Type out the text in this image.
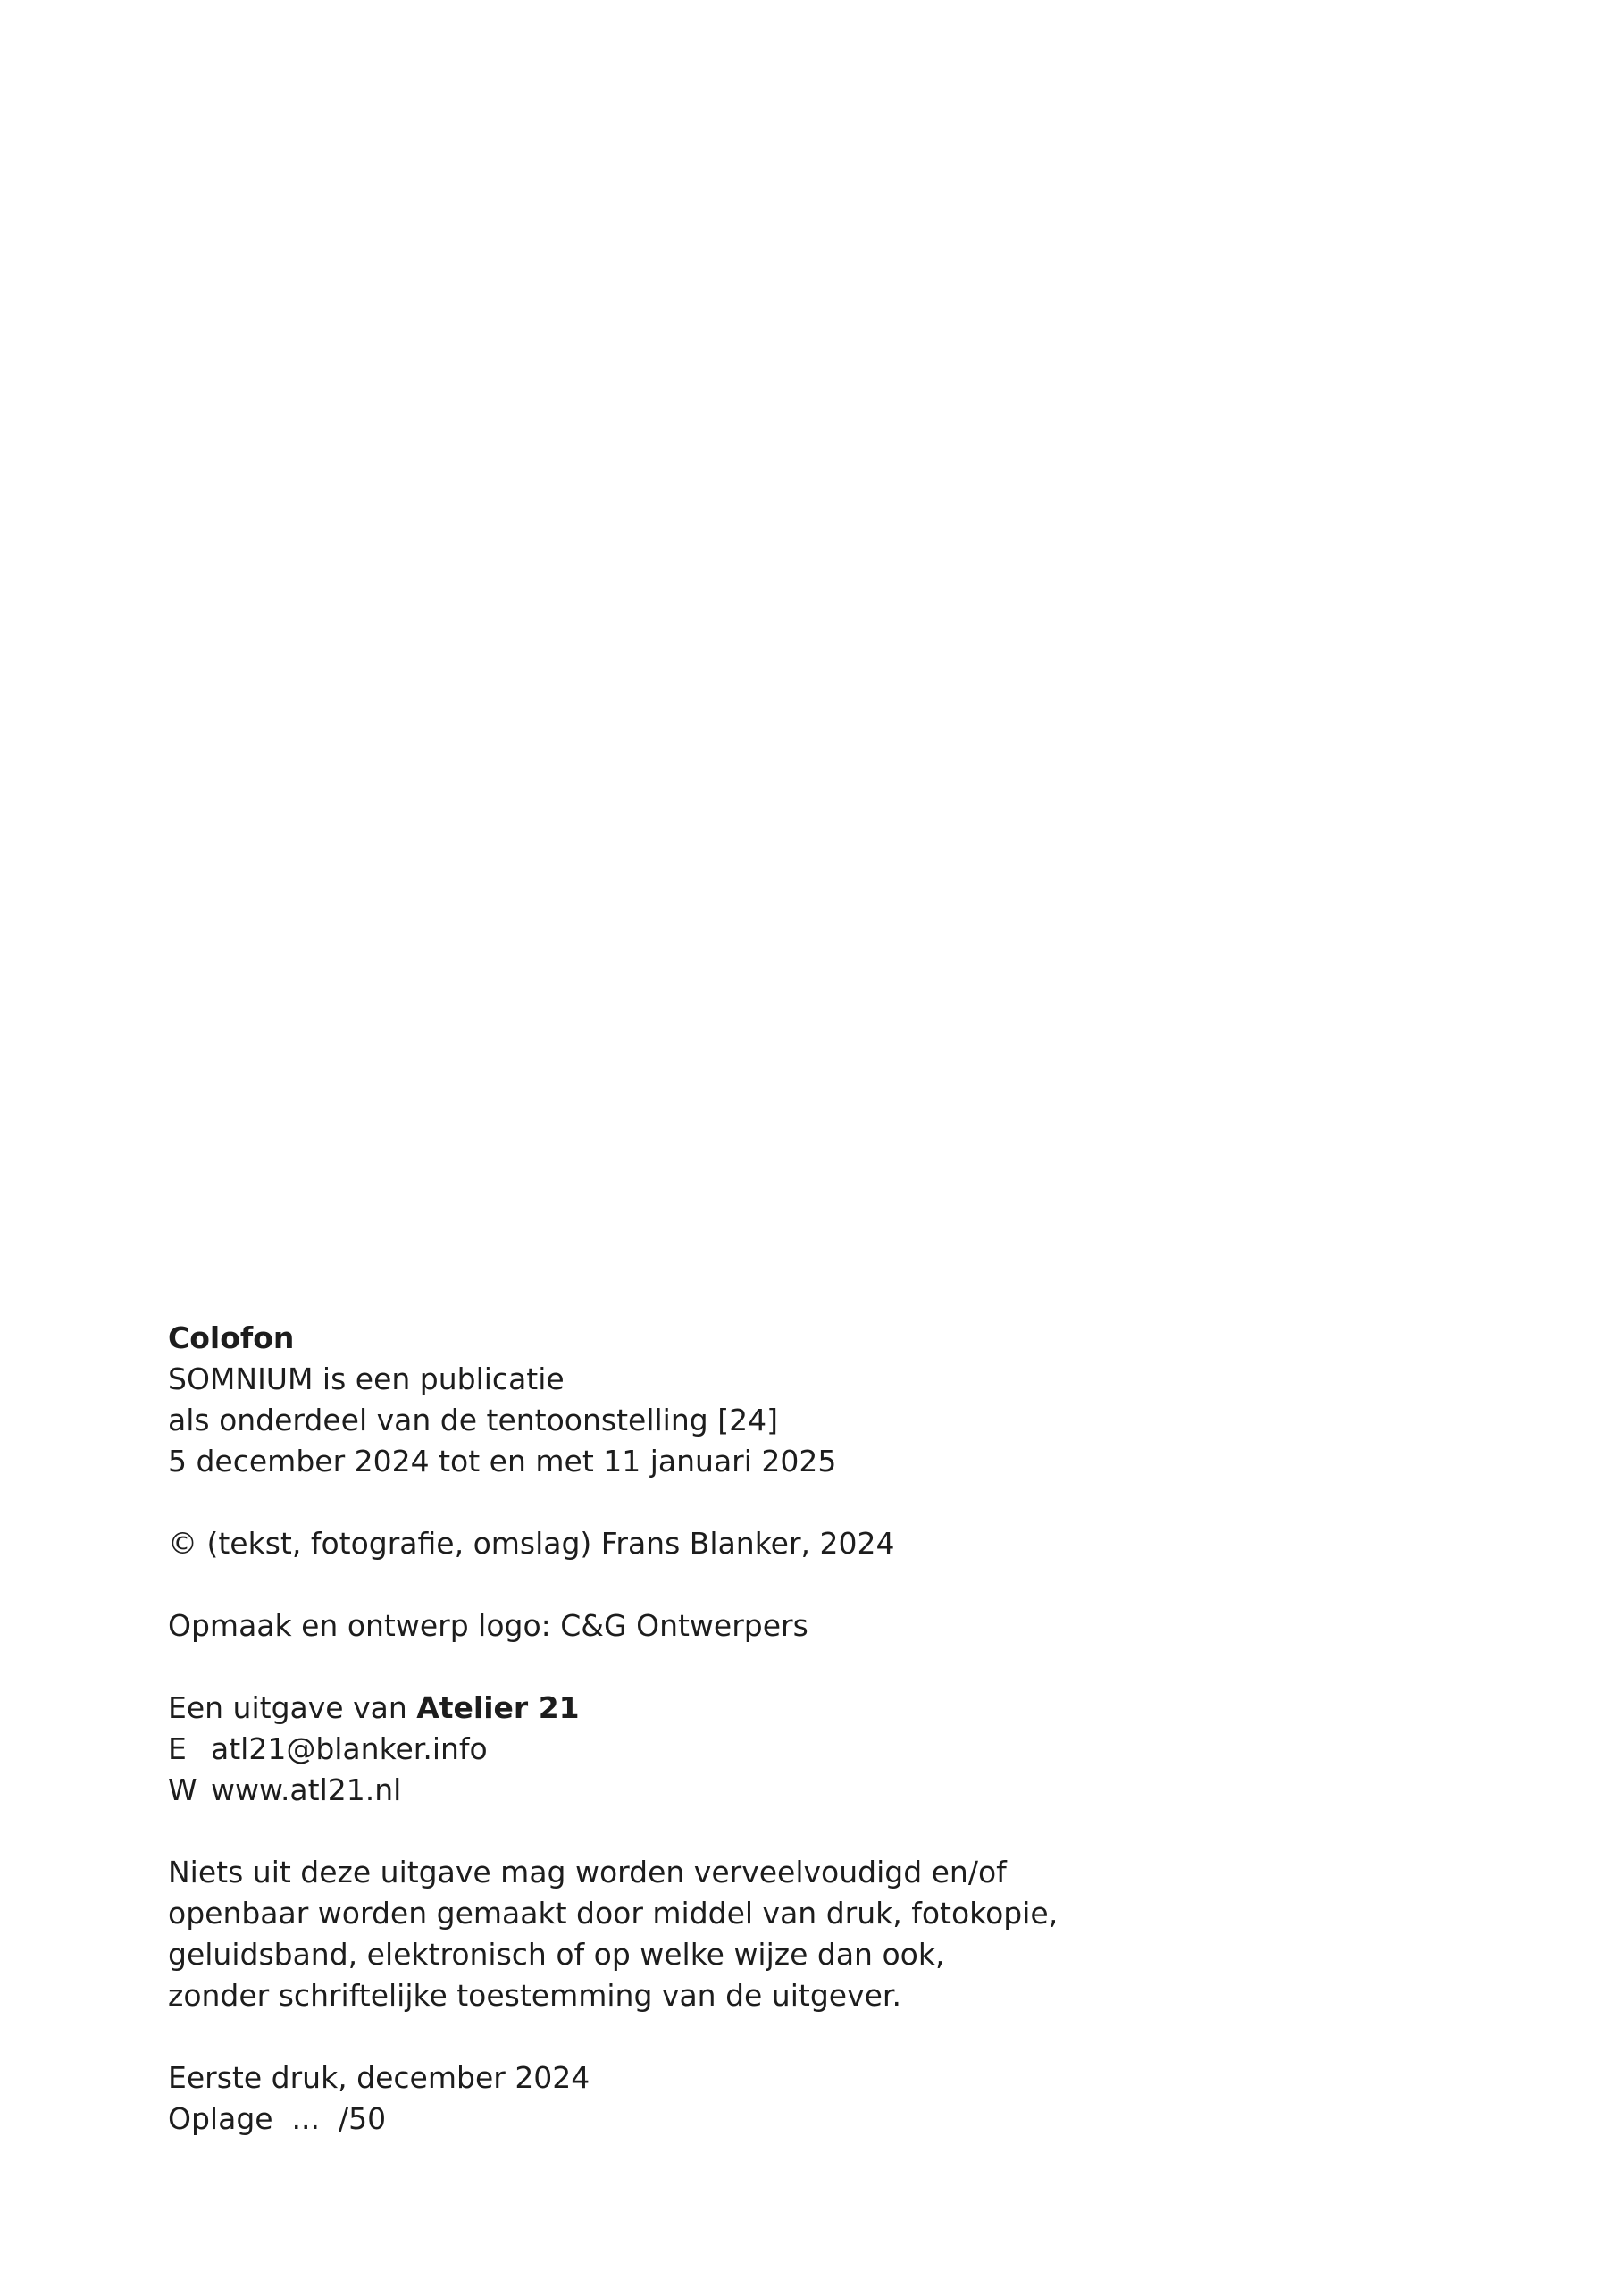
Colofon
SOMNIUM is een publicatie
als onderdeel van de tentoonstelling [24]
5 december 2024 tot en met 11 januari 2025
© (tekst, fotografie, omslag) Frans Blanker, 2024
Opmaak en ontwerp logo: C&G Ontwerpers
Een uitgave van Atelier 21
E atl21@blanker.info
W www.atl21.nl
Niets uit deze uitgave mag worden verveelvoudigd en/of
openbaar worden gemaakt door middel van druk, fotokopie,
geluidsband, elektronisch of op welke wijze dan ook,
zonder schriftelijke toestemming van de uitgever.
Eerste druk, december 2024
Oplage  ...  /50
